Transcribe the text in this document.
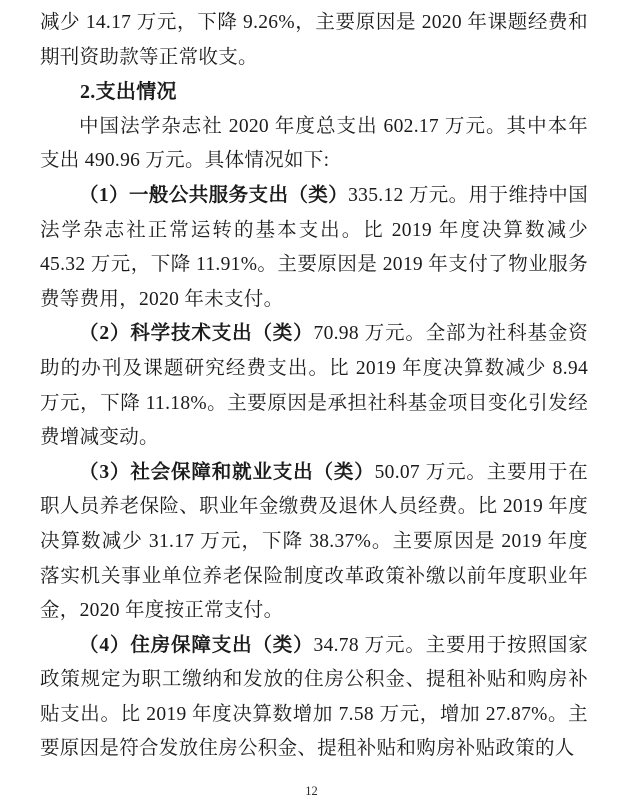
减少 14.17 万元，下降 9.26%，主要原因是 2020 年课题经费和期刊资助款等正常收支。

2.支出情况

中国法学杂志社 2020 年度总支出 602.17 万元。其中本年支出 490.96 万元。具体情况如下:

（1）一般公共服务支出（类）335.12 万元。用于维持中国法学杂志社正常运转的基本支出。比 2019 年度决算数减少 45.32 万元，下降 11.91%。主要原因是 2019 年支付了物业服务费等费用，2020 年未支付。

（2）科学技术支出（类）70.98 万元。全部为社科基金资助的办刊及课题研究经费支出。比 2019 年度决算数减少 8.94 万元，下降 11.18%。主要原因是承担社科基金项目变化引发经费增减变动。

（3）社会保障和就业支出（类）50.07 万元。主要用于在职人员养老保险、职业年金缴费及退休人员经费。比 2019 年度决算数减少 31.17 万元，下降 38.37%。主要原因是 2019 年度落实机关事业单位养老保险制度改革政策补缴以前年度职业年金，2020 年度按正常支付。

（4）住房保障支出（类）34.78 万元。主要用于按照国家政策规定为职工缴纳和发放的住房公积金、提租补贴和购房补贴支出。比 2019 年度决算数增加 7.58 万元，增加 27.87%。主要原因是符合发放住房公积金、提租补贴和购房补贴政策的人

12
